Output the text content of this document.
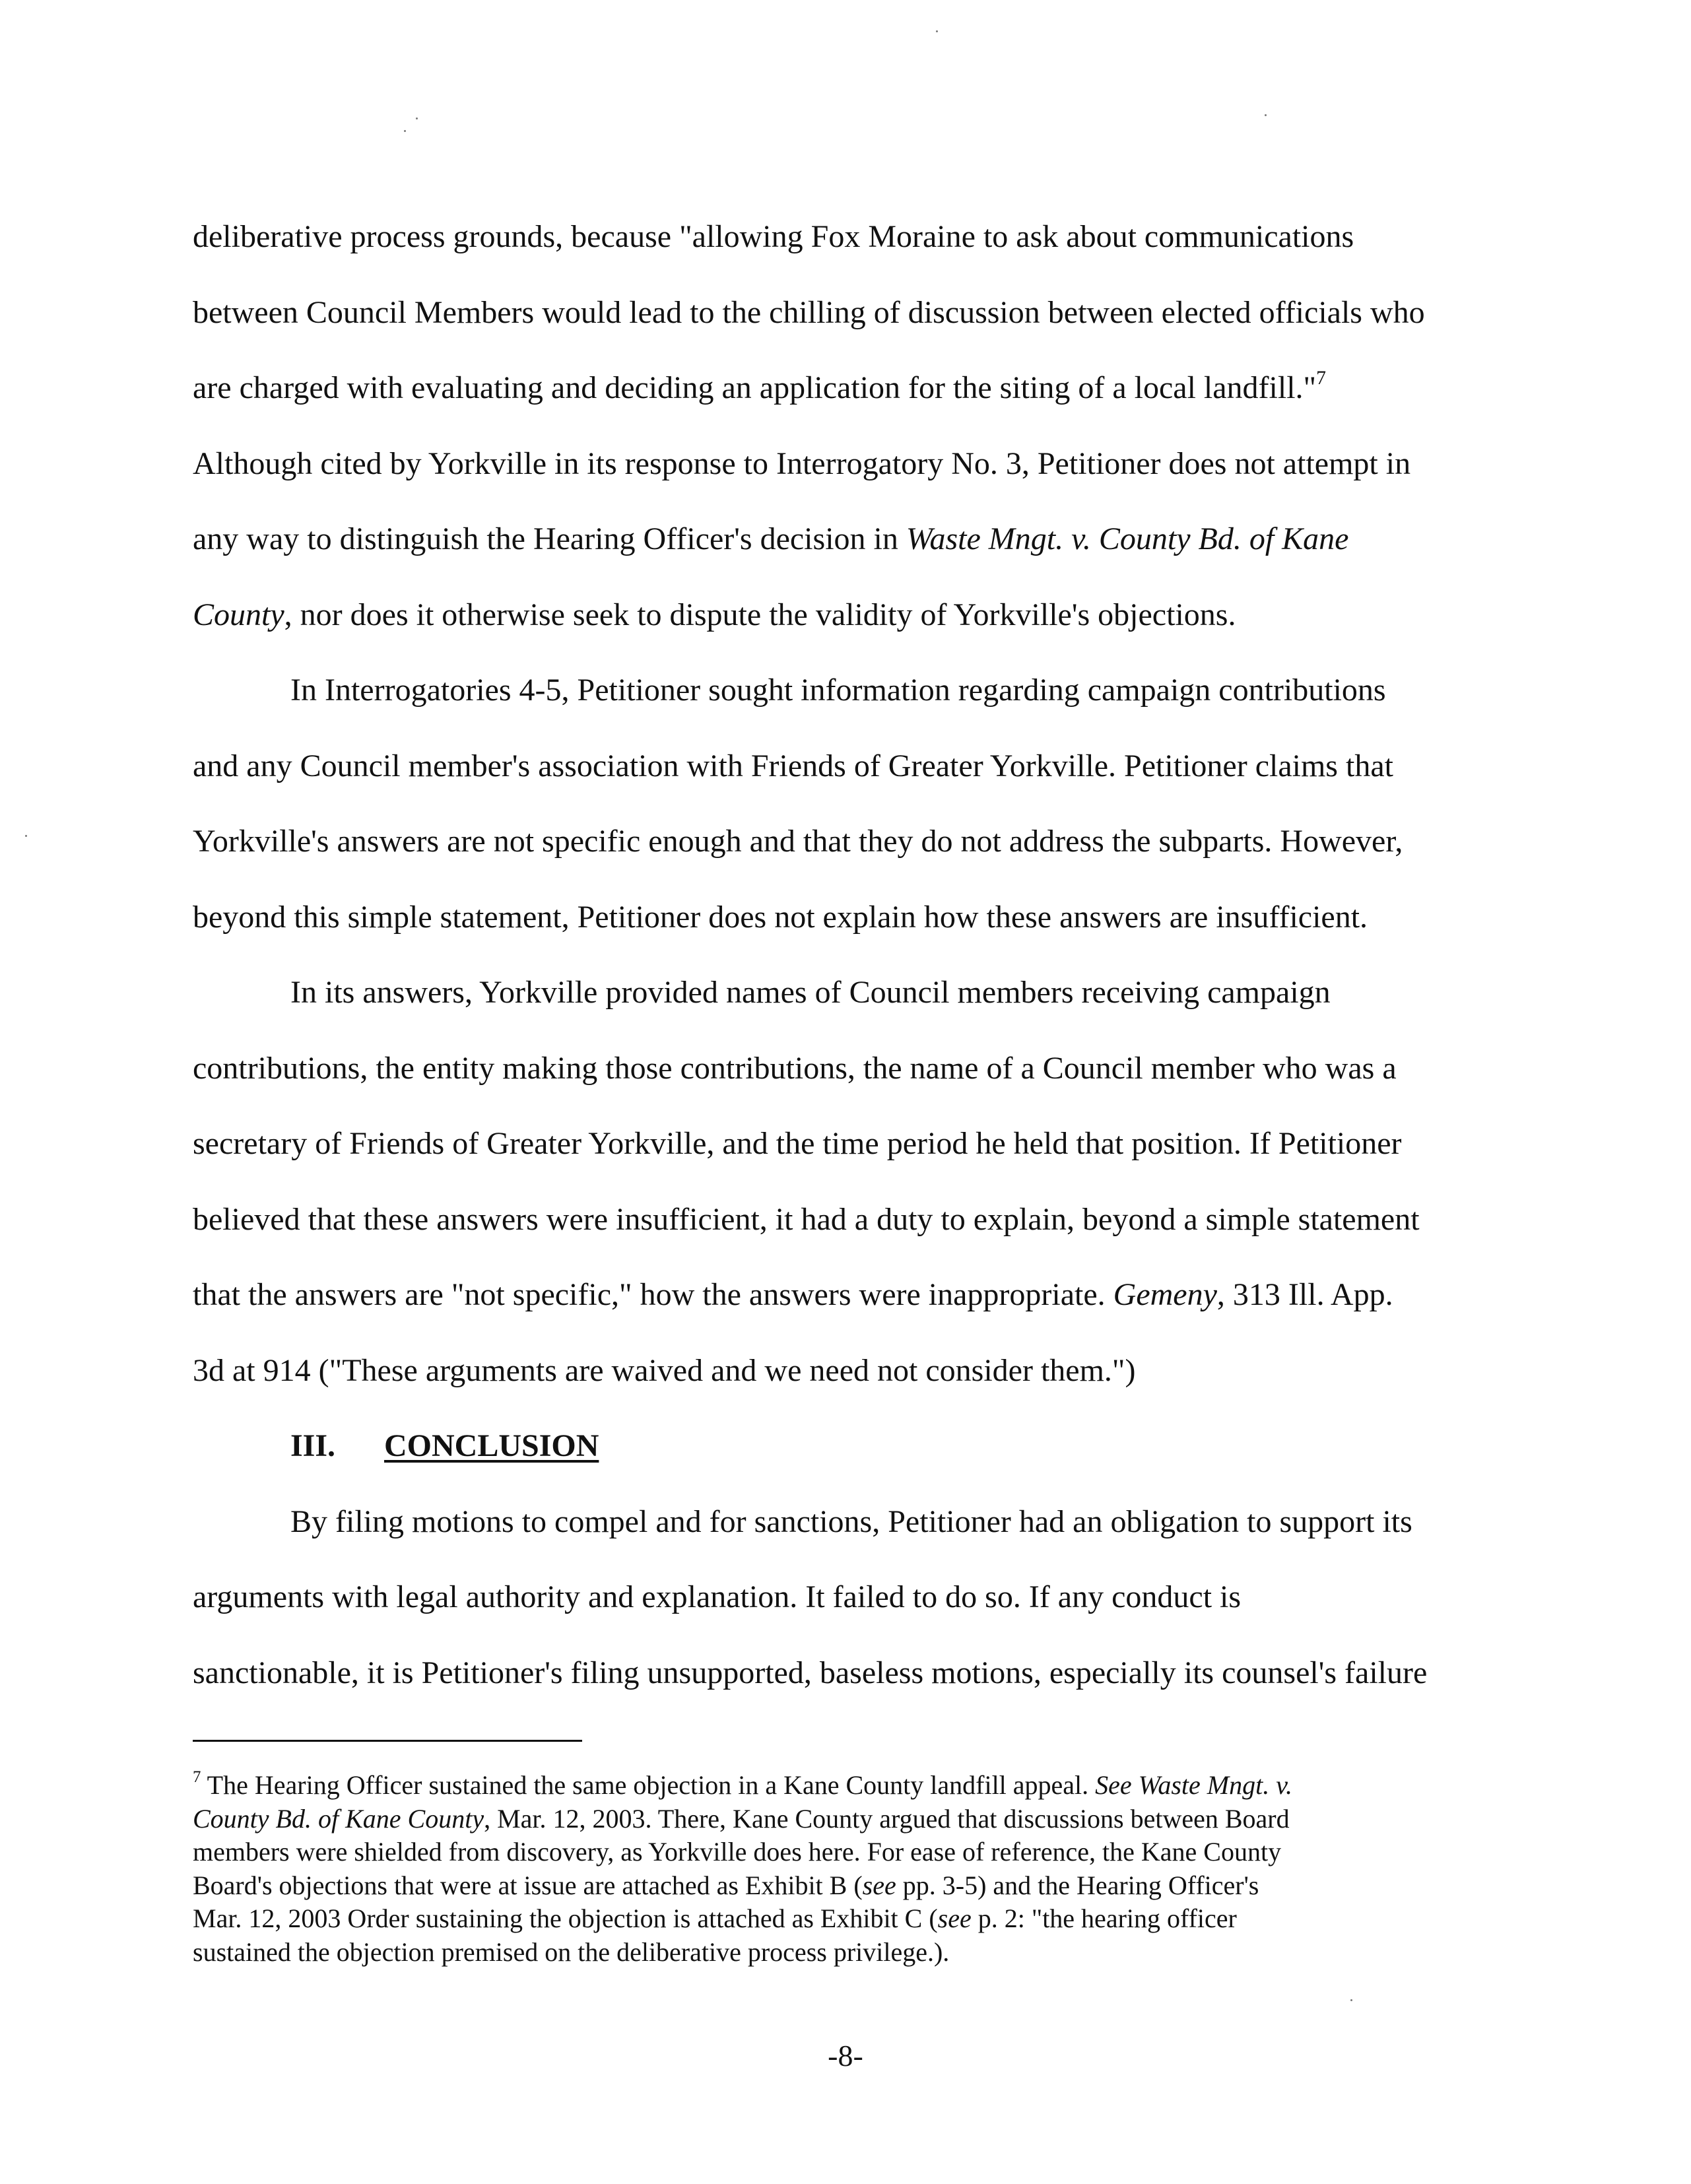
deliberative process grounds, because "allowing Fox Moraine to ask about communications
between Council Members would lead to the chilling of discussion between elected officials who
are charged with evaluating and deciding an application for the siting of a local landfill."$^7$
Although cited by Yorkville in its response to Interrogatory No. 3, Petitioner does not attempt in
any way to distinguish the Hearing Officer's decision in Waste Mngt. v. County Bd. of Kane
County, nor does it otherwise seek to dispute the validity of Yorkville's objections.

In Interrogatories 4-5, Petitioner sought information regarding campaign contributions
and any Council member's association with Friends of Greater Yorkville. Petitioner claims that
Yorkville's answers are not specific enough and that they do not address the subparts. However,
beyond this simple statement, Petitioner does not explain how these answers are insufficient.

In its answers, Yorkville provided names of Council members receiving campaign
contributions, the entity making those contributions, the name of a Council member who was a
secretary of Friends of Greater Yorkville, and the time period he held that position. If Petitioner
believed that these answers were insufficient, it had a duty to explain, beyond a simple statement
that the answers are "not specific," how the answers were inappropriate. Gemeny, 313 Ill. App.
3d at 914 ("These arguments are waived and we need not consider them.")

III. CONCLUSION

By filing motions to compel and for sanctions, Petitioner had an obligation to support its
arguments with legal authority and explanation. It failed to do so. If any conduct is
sanctionable, it is Petitioner's filing unsupported, baseless motions, especially its counsel's failure

$^7$ The Hearing Officer sustained the same objection in a Kane County landfill appeal. See Waste Mngt. v.
County Bd. of Kane County, Mar. 12, 2003. There, Kane County argued that discussions between Board
members were shielded from discovery, as Yorkville does here. For ease of reference, the Kane County
Board's objections that were at issue are attached as Exhibit B (see pp. 3-5) and the Hearing Officer's
Mar. 12, 2003 Order sustaining the objection is attached as Exhibit C (see p. 2: "the hearing officer
sustained the objection premised on the deliberative process privilege.).
-8-
